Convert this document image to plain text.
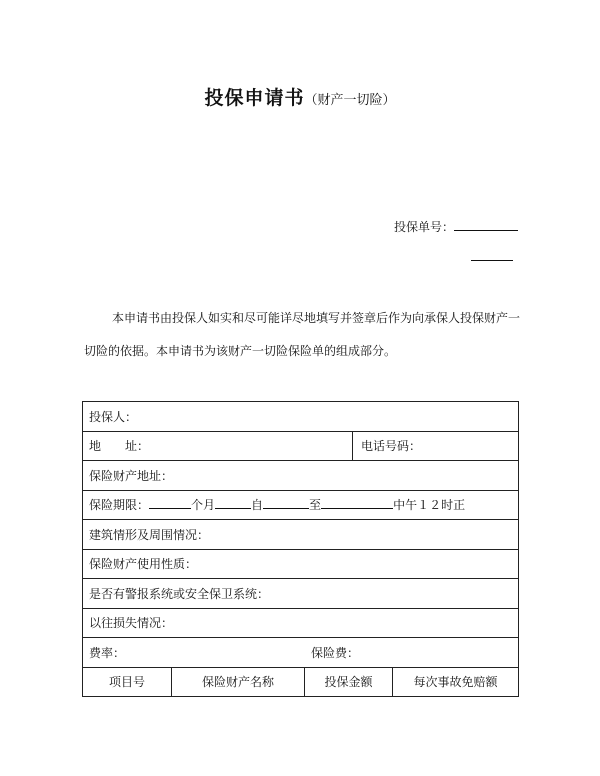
投保申请书（财产一切险）
投保单号：

本申请书由投保人如实和尽可能详尽地填写并签章后作为向承保人投保财产一

切险的依据。本申请书为该财产一切险保险单的组成部分。

投保人：				
地 址：			电话号码：	
保险财产地址：				
保险期限： 个月 自 至 中午１２时正				
建筑情形及周围情况：				
保险财产使用性质：				
是否有警报系统或安全保卫系统：				
以往损失情况：				
费率： 保险费：				
项目号	保险财产名称	投保金额		每次事故免赔额
